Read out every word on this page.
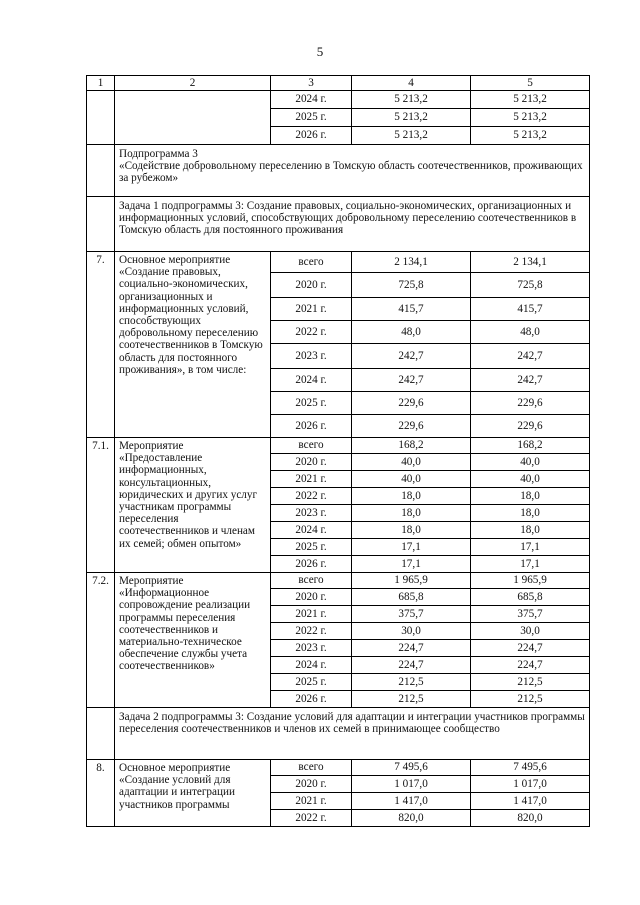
5
1	2	3	4	5
		2024 г.	5 213,2	5 213,2
		2025 г.	5 213,2	5 213,2
		2026 г.	5 213,2	5 213,2
	Подпрограмма 3
«Содействие добровольному переселению в Томскую область соотечественников, проживающих за рубежом»			
	Задача 1 подпрограммы 3: Создание правовых, социально-экономических, организационных и информационных условий, способствующих добровольному переселению соотечественников в Томскую область для постоянного проживания			
7.	Основное мероприятие «Создание правовых, социально-экономических, организационных и информационных условий, способствующих добровольному переселению соотечественников в Томскую область для постоянного проживания», в том числе:	всего	2 134,1	2 134,1
		2020 г.	725,8	725,8
		2021 г.	415,7	415,7
		2022 г.	48,0	48,0
		2023 г.	242,7	242,7
		2024 г.	242,7	242,7
		2025 г.	229,6	229,6
		2026 г.	229,6	229,6
7.1.	Мероприятие «Предоставление информационных, консультационных, юридических и других услуг участникам программы переселения соотечественников и членам их семей; обмен опытом»	всего	168,2	168,2
		2020 г.	40,0	40,0
		2021 г.	40,0	40,0
		2022 г.	18,0	18,0
		2023 г.	18,0	18,0
		2024 г.	18,0	18,0
		2025 г.	17,1	17,1
		2026 г.	17,1	17,1
7.2.	Мероприятие «Информационное сопровождение реализации программы переселения соотечественников и материально-техническое обеспечение службы учета соотечественников»	всего	1 965,9	1 965,9
		2020 г.	685,8	685,8
		2021 г.	375,7	375,7
		2022 г.	30,0	30,0
		2023 г.	224,7	224,7
		2024 г.	224,7	224,7
		2025 г.	212,5	212,5
		2026 г.	212,5	212,5
	Задача 2 подпрограммы 3: Создание условий для адаптации и интеграции участников программы переселения соотечественников и членов их семей в принимающее сообщество			
8.	Основное мероприятие «Создание условий для адаптации и интеграции участников программы	всего	7 495,6	7 495,6
		2020 г.	1 017,0	1 017,0
		2021 г.	1 417,0	1 417,0
		2022 г.	820,0	820,0
